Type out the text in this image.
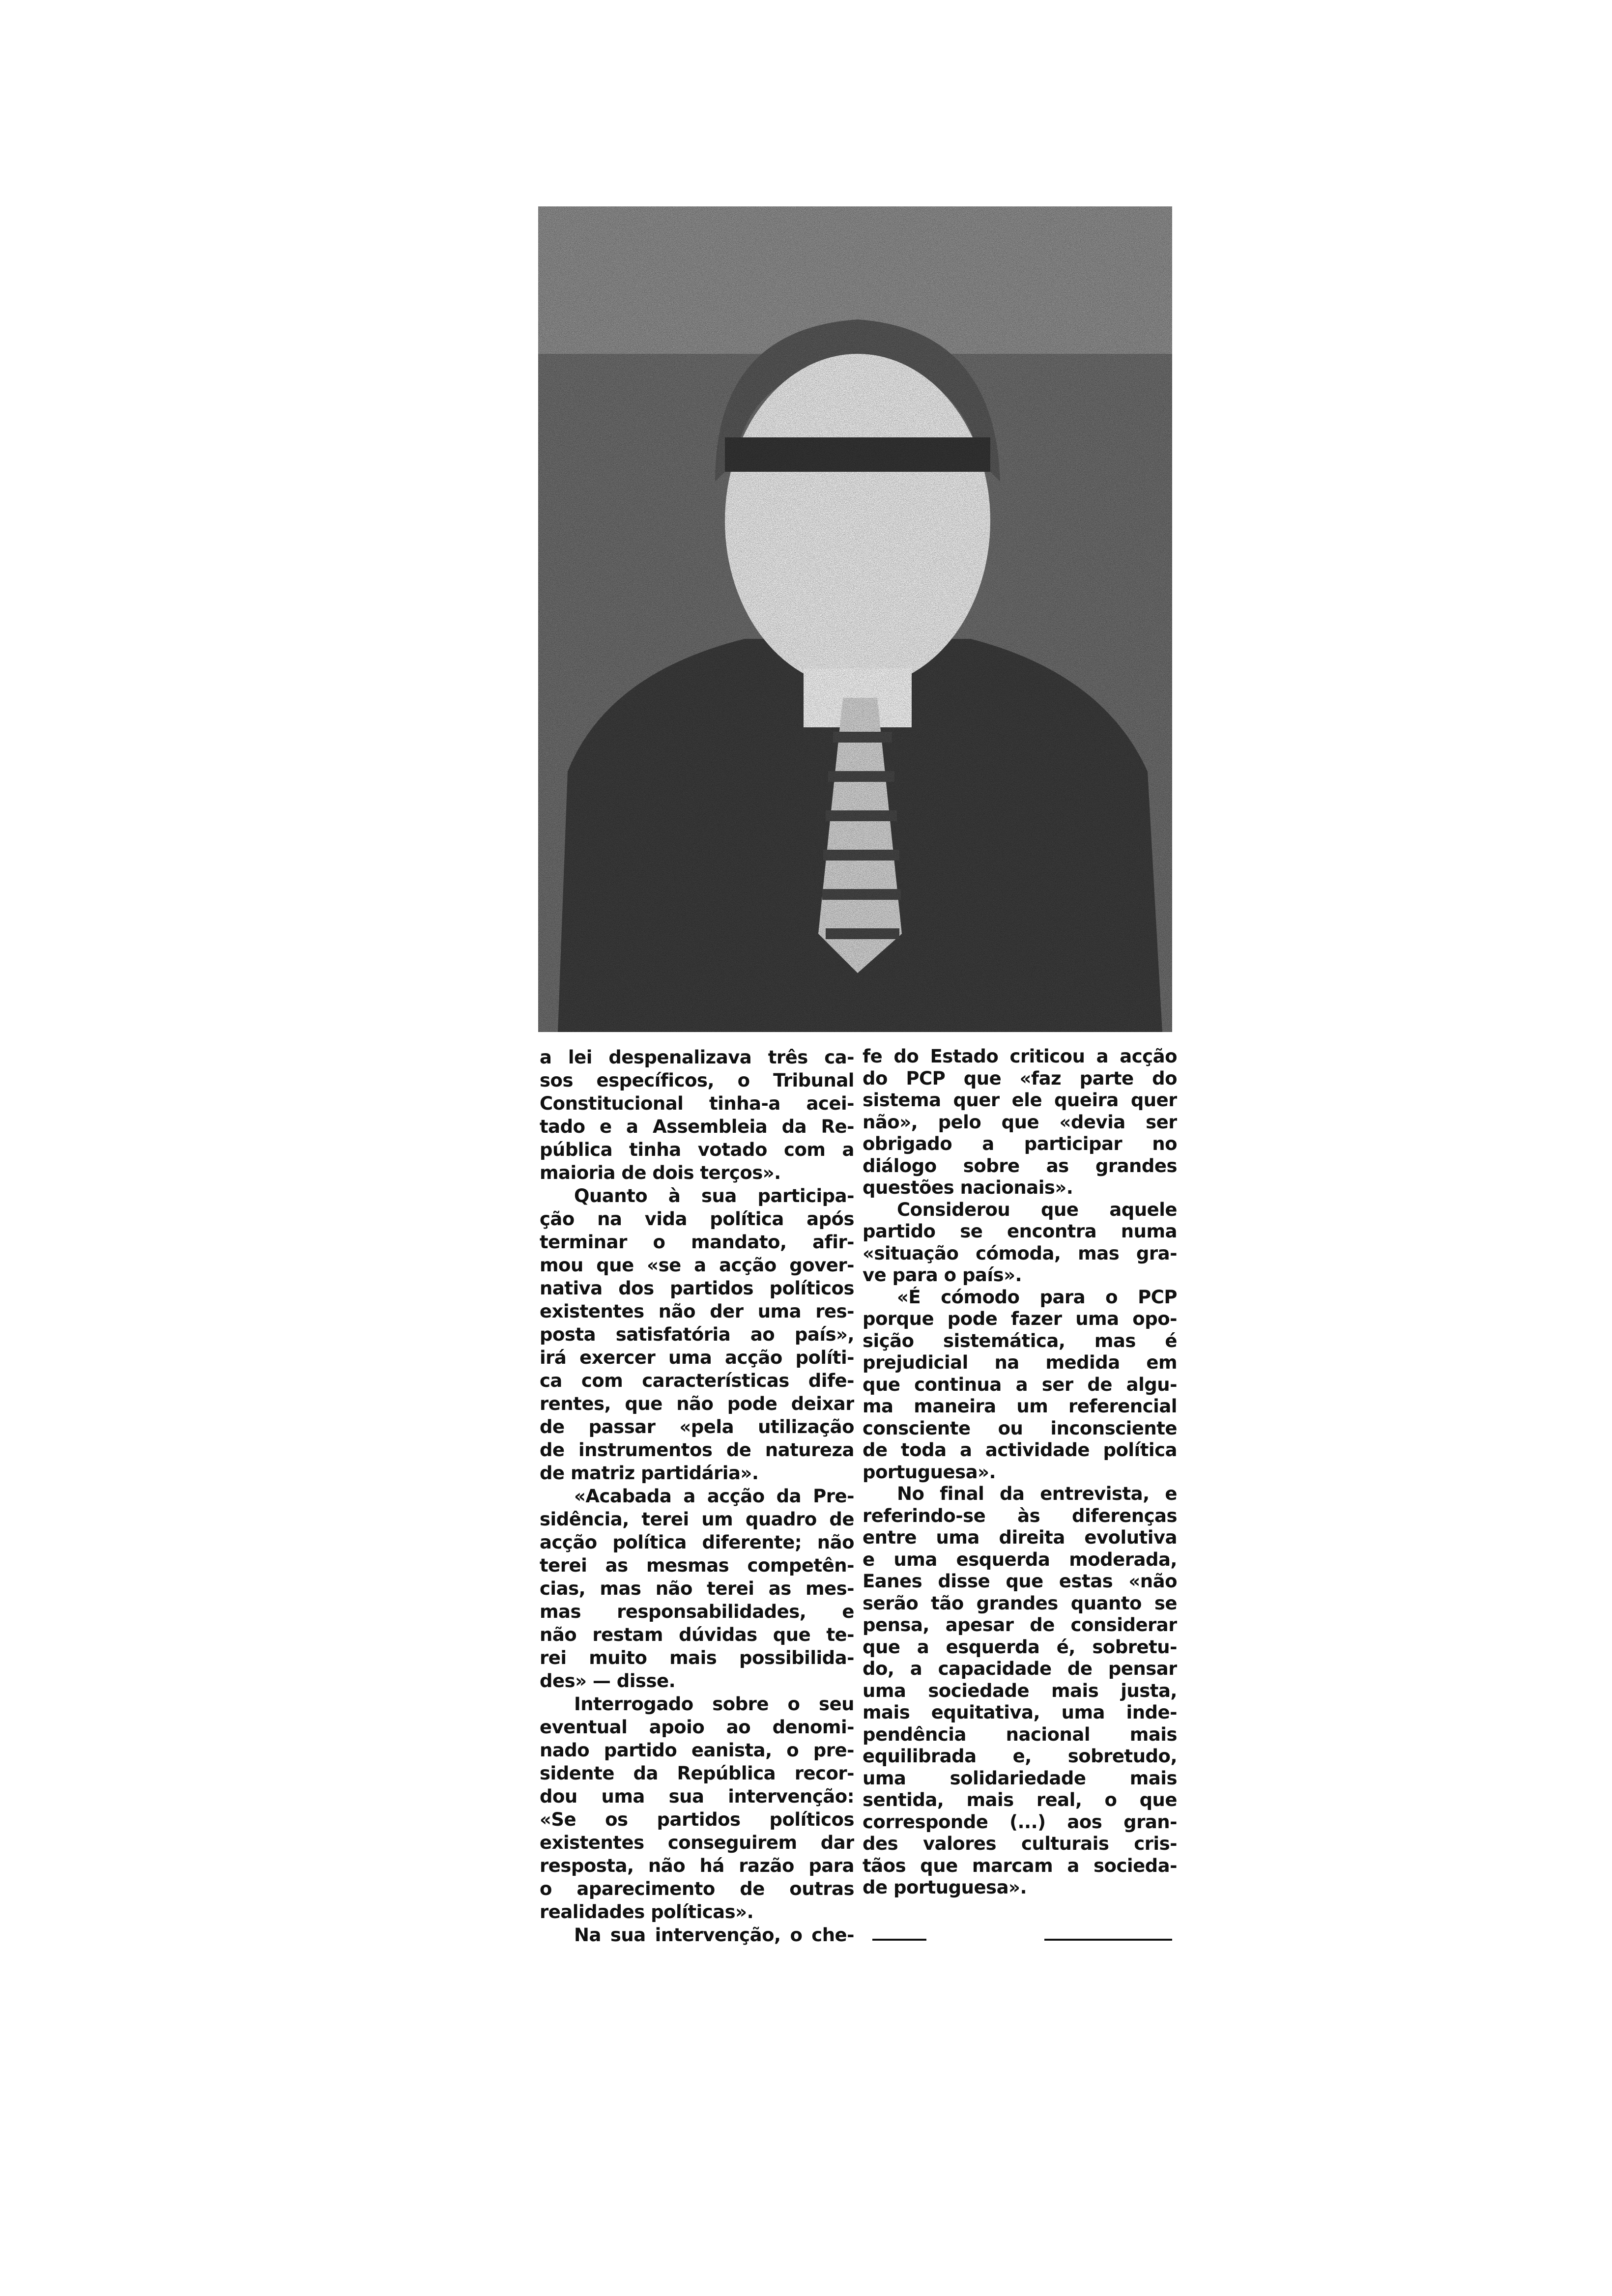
a lei despenalizava três ca-
sos específicos, o Tribunal
Constitucional tinha-a acei-
tado e a Assembleia da Re-
pública tinha votado com a
maioria de dois terços».
Quanto à sua participa-
ção na vida política após
terminar o mandato, afir-
mou que «se a acção gover-
nativa dos partidos políticos
existentes não der uma res-
posta satisfatória ao país»,
irá exercer uma acção políti-
ca com características dife-
rentes, que não pode deixar
de passar «pela utilização
de instrumentos de natureza
de matriz partidária».
«Acabada a acção da Pre-
sidência, terei um quadro de
acção política diferente; não
terei as mesmas competên-
cias, mas não terei as mes-
mas responsabilidades, e
não restam dúvidas que te-
rei muito mais possibilida-
des» — disse.
Interrogado sobre o seu
eventual apoio ao denomi-
nado partido eanista, o pre-
sidente da República recor-
dou uma sua intervenção:
«Se os partidos políticos
existentes conseguirem dar
resposta, não há razão para
o aparecimento de outras
realidades políticas».
Na sua intervenção, o che-
fe do Estado criticou a acção
do PCP que «faz parte do
sistema quer ele queira quer
não», pelo que «devia ser
obrigado a participar no
diálogo sobre as grandes
questões nacionais».
Considerou que aquele
partido se encontra numa
«situação cómoda, mas gra-
ve para o país».
«É cómodo para o PCP
porque pode fazer uma opo-
sição sistemática, mas é
prejudicial na medida em
que continua a ser de algu-
ma maneira um referencial
consciente ou inconsciente
de toda a actividade política
portuguesa».
No final da entrevista, e
referindo-se às diferenças
entre uma direita evolutiva
e uma esquerda moderada,
Eanes disse que estas «não
serão tão grandes quanto se
pensa, apesar de considerar
que a esquerda é, sobretu-
do, a capacidade de pensar
uma sociedade mais justa,
mais equitativa, uma inde-
pendência nacional mais
equilibrada e, sobretudo,
uma solidariedade mais
sentida, mais real, o que
corresponde (...) aos gran-
des valores culturais cris-
tãos que marcam a socieda-
de portuguesa».
